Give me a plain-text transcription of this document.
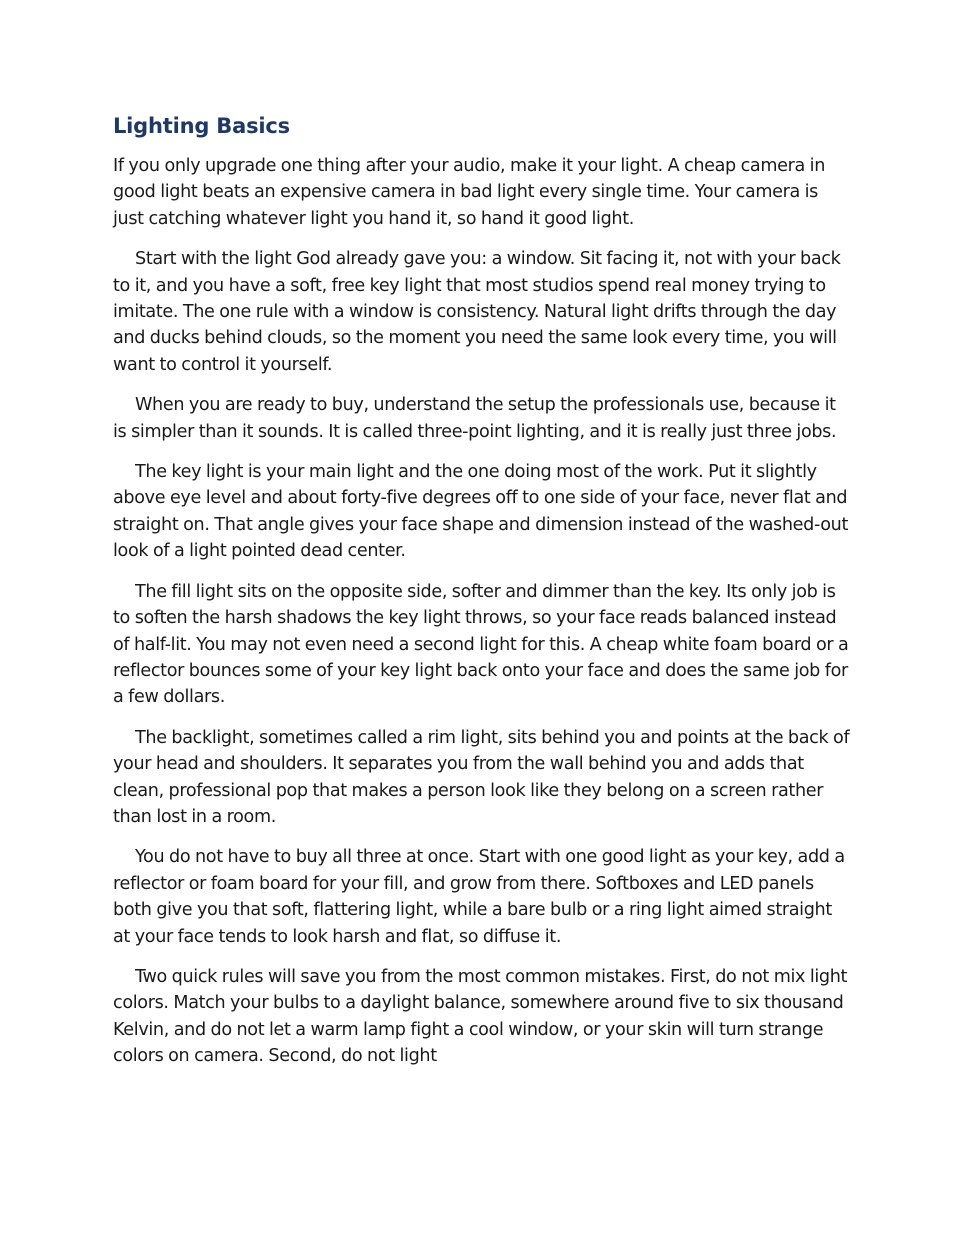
Lighting Basics

If you only upgrade one thing after your audio, make it your light. A cheap camera in good light beats an expensive camera in bad light every single time. Your camera is just catching whatever light you hand it, so hand it good light.

Start with the light God already gave you: a window. Sit facing it, not with your back to it, and you have a soft, free key light that most studios spend real money trying to imitate. The one rule with a window is consistency. Natural light drifts through the day and ducks behind clouds, so the moment you need the same look every time, you will want to control it yourself.

When you are ready to buy, understand the setup the professionals use, because it is simpler than it sounds. It is called three-point lighting, and it is really just three jobs.

The key light is your main light and the one doing most of the work. Put it slightly above eye level and about forty-five degrees off to one side of your face, never flat and straight on. That angle gives your face shape and dimension instead of the washed-out look of a light pointed dead center.

The fill light sits on the opposite side, softer and dimmer than the key. Its only job is to soften the harsh shadows the key light throws, so your face reads balanced instead of half-lit. You may not even need a second light for this. A cheap white foam board or a reflector bounces some of your key light back onto your face and does the same job for a few dollars.

The backlight, sometimes called a rim light, sits behind you and points at the back of your head and shoulders. It separates you from the wall behind you and adds that clean, professional pop that makes a person look like they belong on a screen rather than lost in a room.

You do not have to buy all three at once. Start with one good light as your key, add a reflector or foam board for your fill, and grow from there. Softboxes and LED panels both give you that soft, flattering light, while a bare bulb or a ring light aimed straight at your face tends to look harsh and flat, so diffuse it.

Two quick rules will save you from the most common mistakes. First, do not mix light colors. Match your bulbs to a daylight balance, somewhere around five to six thousand Kelvin, and do not let a warm lamp fight a cool window, or your skin will turn strange colors on camera. Second, do not light
